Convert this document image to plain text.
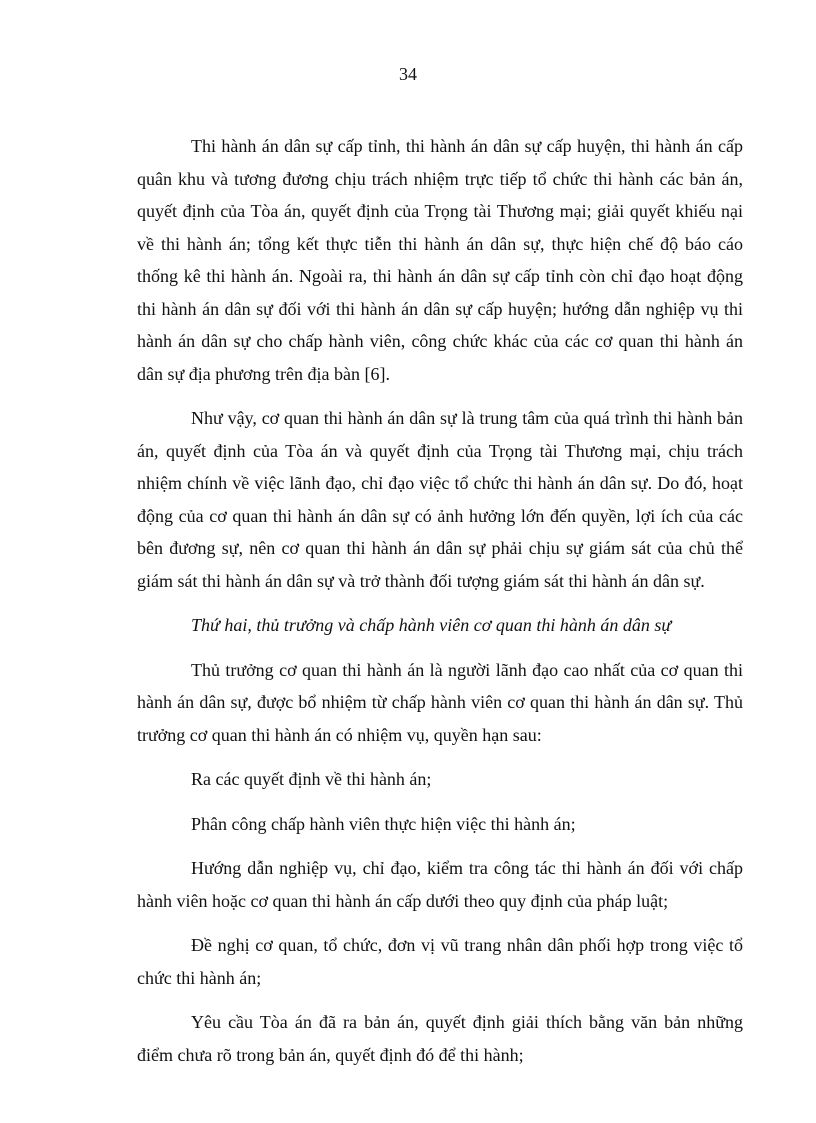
34

Thi hành án dân sự cấp tỉnh, thi hành án dân sự cấp huyện, thi hành án cấp quân khu và tương đương chịu trách nhiệm trực tiếp tổ chức thi hành các bản án, quyết định của Tòa án, quyết định của Trọng tài Thương mại; giải quyết khiếu nại về thi hành án; tổng kết thực tiễn thi hành án dân sự, thực hiện chế độ báo cáo thống kê thi hành án. Ngoài ra, thi hành án dân sự cấp tỉnh còn chỉ đạo hoạt động thi hành án dân sự đối với thi hành án dân sự cấp huyện; hướng dẫn nghiệp vụ thi hành án dân sự cho chấp hành viên, công chức khác của các cơ quan thi hành án dân sự địa phương trên địa bàn [6].

Như vậy, cơ quan thi hành án dân sự là trung tâm của quá trình thi hành bản án, quyết định của Tòa án và quyết định của Trọng tài Thương mại, chịu trách nhiệm chính về việc lãnh đạo, chỉ đạo việc tổ chức thi hành án dân sự. Do đó, hoạt động của cơ quan thi hành án dân sự có ảnh hưởng lớn đến quyền, lợi ích của các bên đương sự, nên cơ quan thi hành án dân sự phải chịu sự giám sát của chủ thể giám sát thi hành án dân sự và trở thành đối tượng giám sát thi hành án dân sự.

Thứ hai, thủ trưởng và chấp hành viên cơ quan thi hành án dân sự

Thủ trưởng cơ quan thi hành án là người lãnh đạo cao nhất của cơ quan thi hành án dân sự, được bổ nhiệm từ chấp hành viên cơ quan thi hành án dân sự. Thủ trưởng cơ quan thi hành án có nhiệm vụ, quyền hạn sau:

Ra các quyết định về thi hành án;

Phân công chấp hành viên thực hiện việc thi hành án;

Hướng dẫn nghiệp vụ, chỉ đạo, kiểm tra công tác thi hành án đối với chấp hành viên hoặc cơ quan thi hành án cấp dưới theo quy định của pháp luật;

Đề nghị cơ quan, tổ chức, đơn vị vũ trang nhân dân phối hợp trong việc tổ chức thi hành án;

Yêu cầu Tòa án đã ra bản án, quyết định giải thích bằng văn bản những điểm chưa rõ trong bản án, quyết định đó để thi hành;
